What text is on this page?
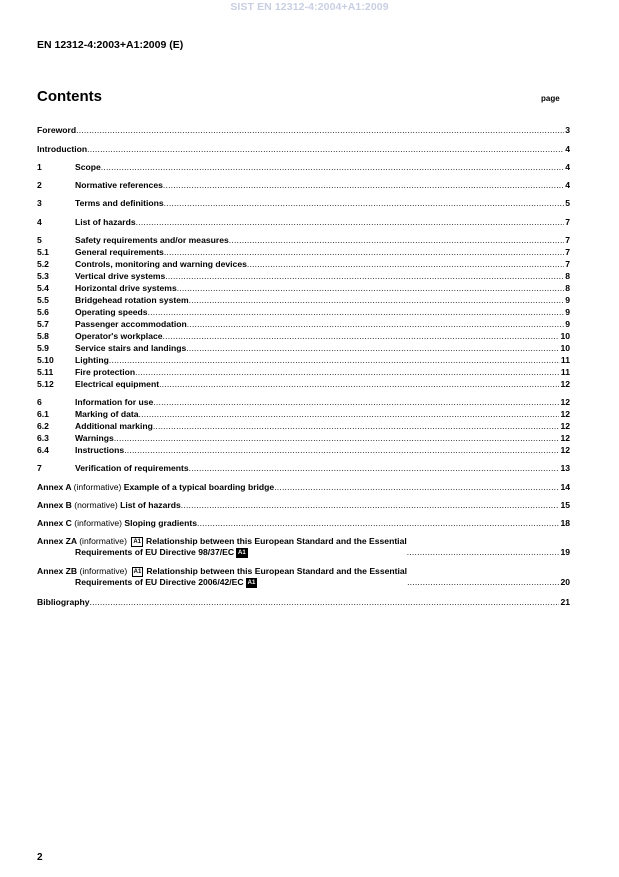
SIST EN 12312-4:2004+A1:2009
EN 12312-4:2003+A1:2009 (E)
Contents	page
Foreword .....	3
Introduction .....	4
1	Scope .....	4
2	Normative references .....	4
3	Terms and definitions .....	5
4	List of hazards .....	7
5	Safety requirements and/or measures .....	7
5.1	General requirements .....	7
5.2	Controls, monitoring and warning devices .....	7
5.3	Vertical drive systems .....	8
5.4	Horizontal drive systems .....	8
5.5	Bridgehead rotation system .....	9
5.6	Operating speeds .....	9
5.7	Passenger accommodation .....	9
5.8	Operator's workplace .....	10
5.9	Service stairs and landings .....	10
5.10	Lighting .....	11
5.11	Fire protection .....	11
5.12	Electrical equipment .....	12
6	Information for use .....	12
6.1	Marking of data .....	12
6.2	Additional marking .....	12
6.3	Warnings .....	12
6.4	Instructions .....	12
7	Verification of requirements .....	13
Annex A (informative) Example of a typical boarding bridge .....	14
Annex B (normative) List of hazards .....	15
Annex C (informative) Sloping gradients .....	18
Annex ZA (informative) A1 Relationship between this European Standard and the Essential
Requirements of EU Directive 98/37/EC A1 .....	19
Annex ZB (informative) A1 Relationship between this European Standard and the Essential
Requirements of EU Directive 2006/42/EC A1 .....	20
Bibliography .....	21
2
